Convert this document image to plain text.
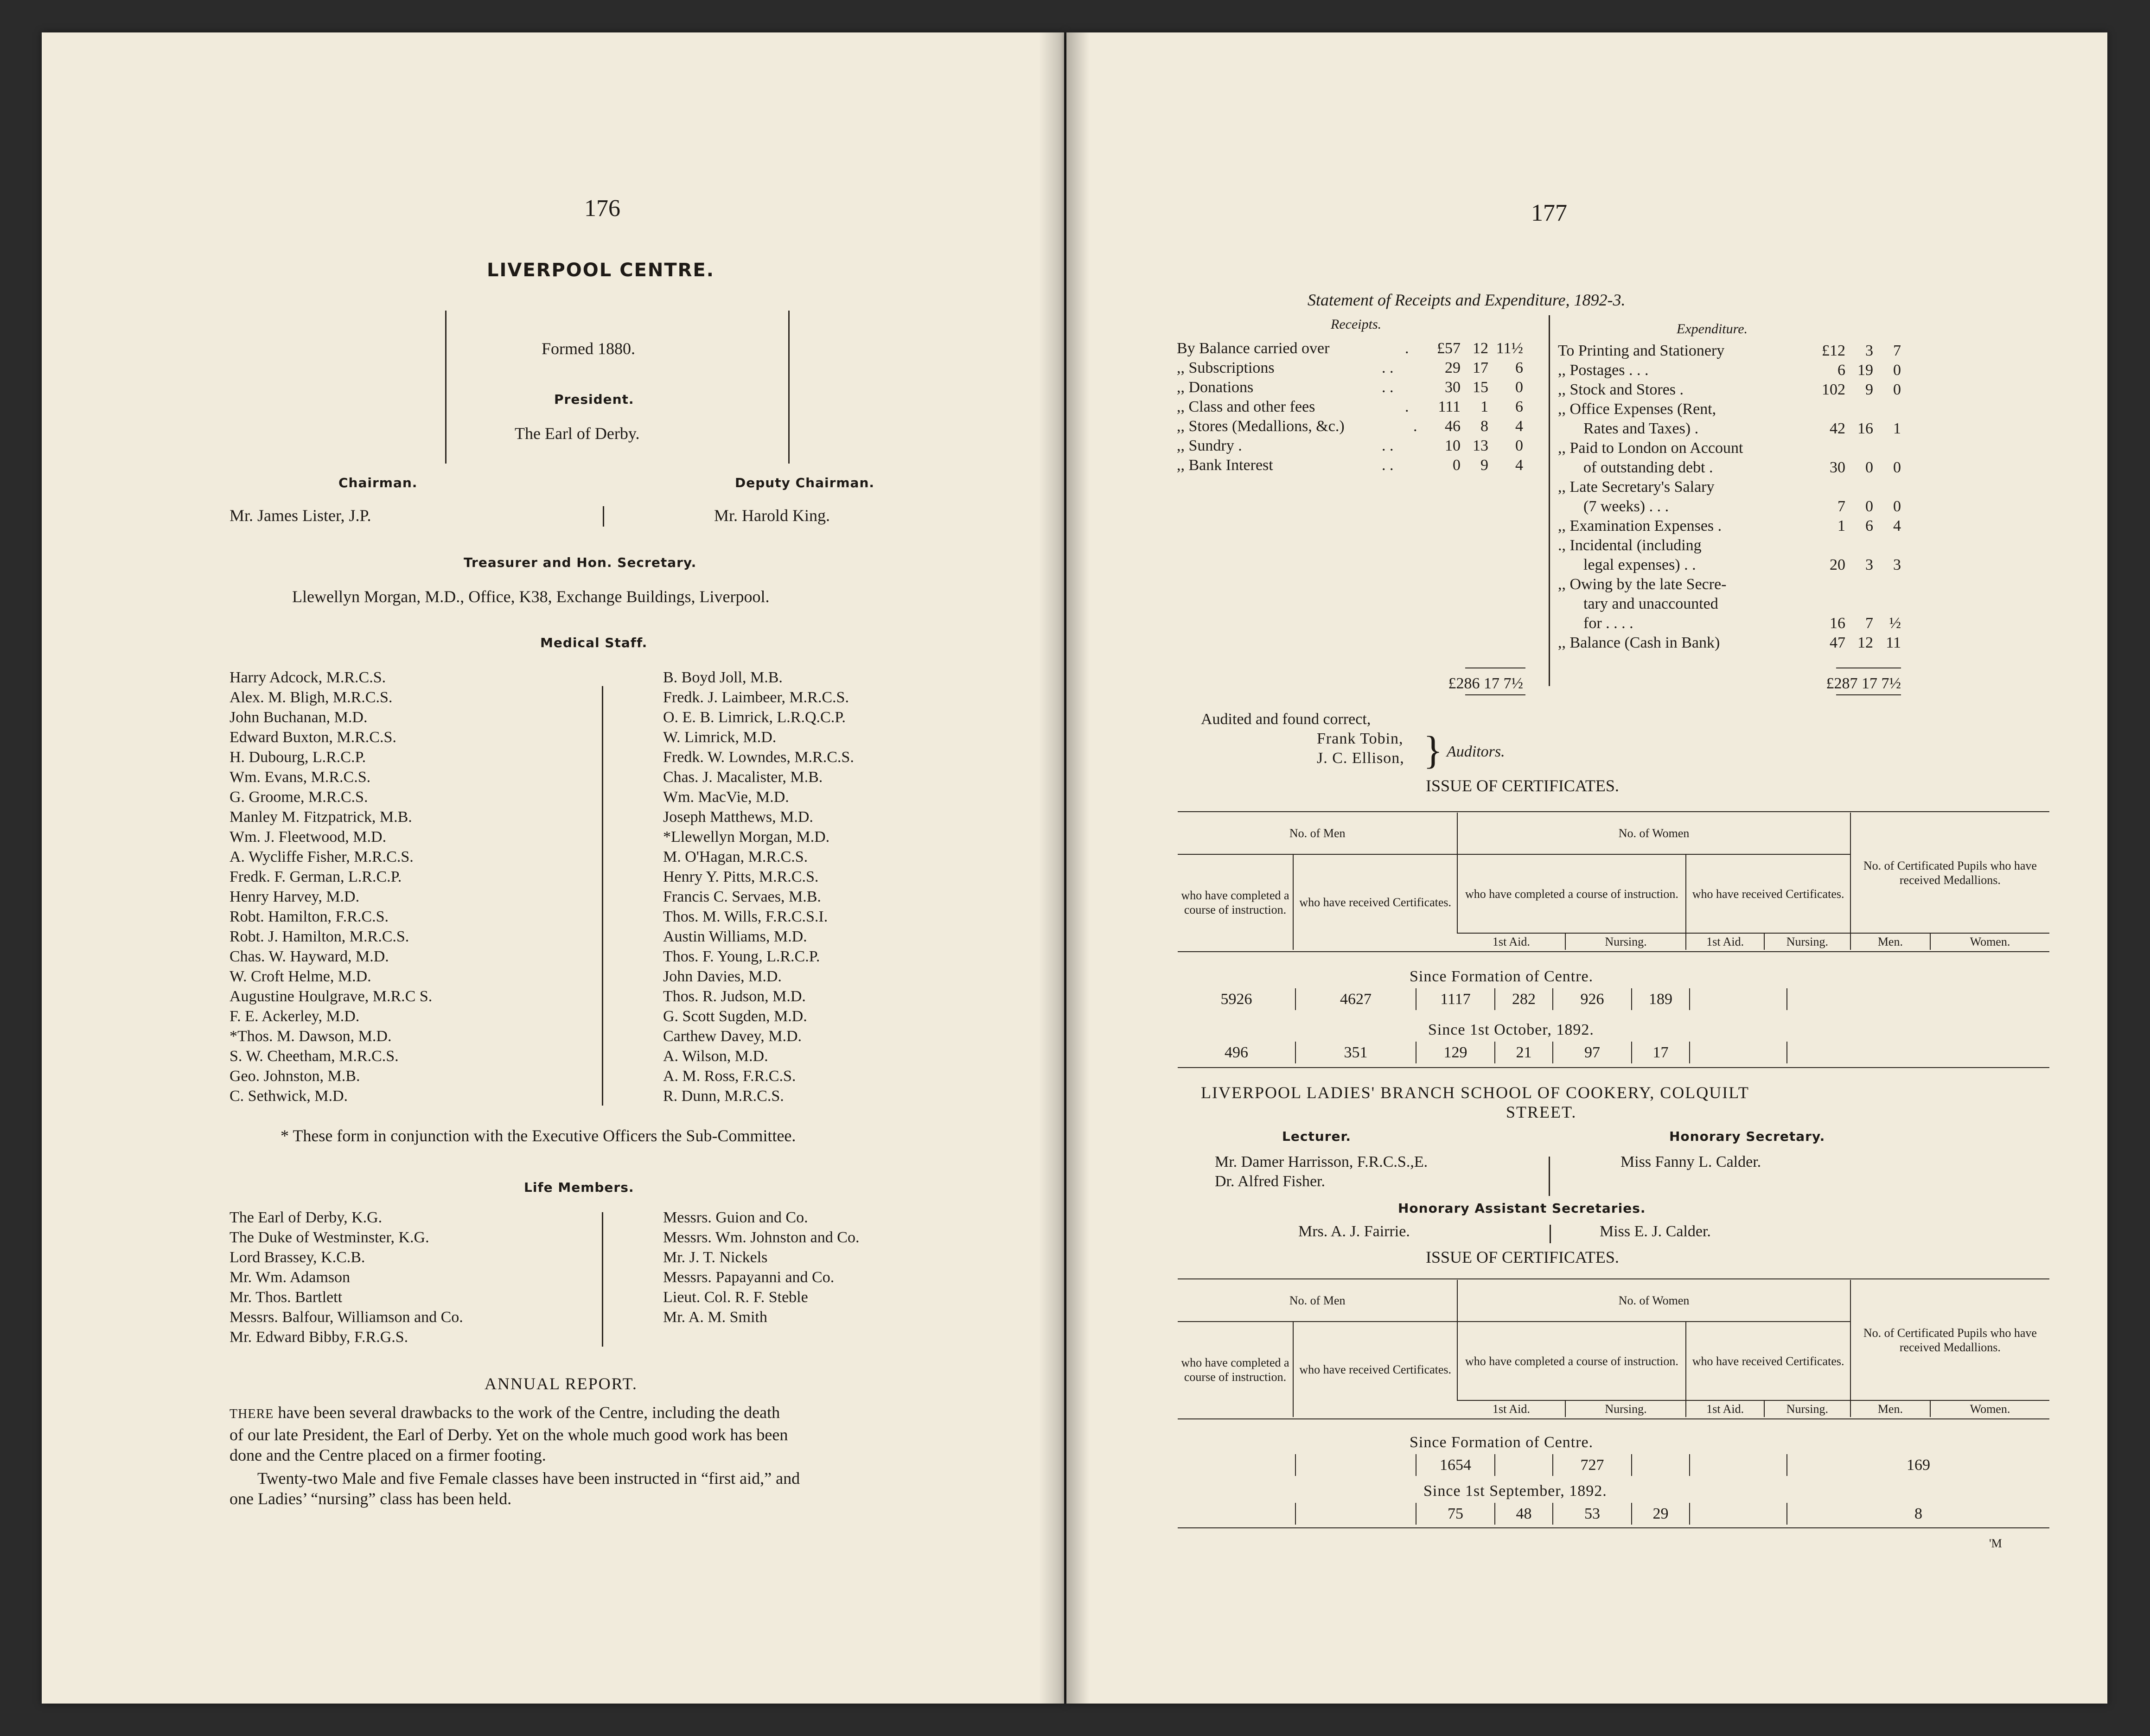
176
LIVERPOOL CENTRE.
Formed 1880.
President.
The Earl of Derby.
Chairman.	Deputy Chairman.
Mr. James Lister, J.P.	Mr. Harold King.
Treasurer and Hon. Secretary.
Llewellyn Morgan, M.D., Office, K38, Exchange Buildings, Liverpool.
Medical Staff.
Harry Adcock, M.R.C.S.
Alex. M. Bligh, M.R.C.S.
John Buchanan, M.D.
Edward Buxton, M.R.C.S.
H. Dubourg, L.R.C.P.
Wm. Evans, M.R.C.S.
G. Groome, M.R.C.S.
Manley M. Fitzpatrick, M.B.
Wm. J. Fleetwood, M.D.
A. Wycliffe Fisher, M.R.C.S.
Fredk. F. German, L.R.C.P.
Henry Harvey, M.D.
Robt. Hamilton, F.R.C.S.
Robt. J. Hamilton, M.R.C.S.
Chas. W. Hayward, M.D.
W. Croft Helme, M.D.
Augustine Houlgrave, M.R.C S.
F. E. Ackerley, M.D.
*Thos. M. Dawson, M.D.
S. W. Cheetham, M.R.C.S.
Geo. Johnston, M.B.
C. Sethwick, M.D.
B. Boyd Joll, M.B.
Fredk. J. Laimbeer, M.R.C.S.
O. E. B. Limrick, L.R.Q.C.P.
W. Limrick, M.D.
Fredk. W. Lowndes, M.R.C.S.
Chas. J. Macalister, M.B.
Wm. MacVie, M.D.
Joseph Matthews, M.D.
*Llewellyn Morgan, M.D.
M. O'Hagan, M.R.C.S.
Henry Y. Pitts, M.R.C.S.
Francis C. Servaes, M.B.
Thos. M. Wills, F.R.C.S.I.
Austin Williams, M.D.
Thos. F. Young, L.R.C.P.
John Davies, M.D.
Thos. R. Judson, M.D.
G. Scott Sugden, M.D.
Carthew Davey, M.D.
A. Wilson, M.D.
A. M. Ross, F.R.C.S.
R. Dunn, M.R.C.S.
* These form in conjunction with the Executive Officers the Sub-Committee.
Life Members.
The Earl of Derby, K.G.
The Duke of Westminster, K.G.
Lord Brassey, K.C.B.
Mr. Wm. Adamson
Mr. Thos. Bartlett
Messrs. Balfour, Williamson and Co.
Mr. Edward Bibby, F.R.G.S.
Messrs. Guion and Co.
Messrs. Wm. Johnston and Co.
Mr. J. T. Nickels
Messrs. Papayanni and Co.
Lieut. Col. R. F. Steble
Mr. A. M. Smith
ANNUAL REPORT.
THERE have been several drawbacks to the work of the Centre, including the death
of our late President, the Earl of Derby. Yet on the whole much good work has been
done and the Centre placed on a firmer footing.
Twenty-two Male and five Female classes have been instructed in “first aid,” and
one Ladies’ “nursing” class has been held.
177
Statement of Receipts and Expenditure, 1892-3.
Receipts.	Expenditure.
By Balance carried over	.	£57 12 11½
,, Subscriptions	. .	29 17	6
,, Donations	. .	30 15	0
,, Class and other fees	.	111	1	6
,, Stores (Medallions, &c.)	.	46	8	4
,, Sundry .	. .	10 13	0
,, Bank Interest	. .	0	9	4
£286 17 7½
To Printing and Stationery	£12	3	7
,, Postages . . .	6 19	0
,, Stock and Stores .	102	9	0
,, Office Expenses (Rent,
Rates and Taxes) .	42 16	1
,, Paid to London on Account
of outstanding debt .	30	0	0
,, Late Secretary's Salary
(7 weeks) . . .	7	0	0
,, Examination Expenses .	1	6	4
., Incidental (including
legal expenses) . .	20	3	3
,, Owing by the late Secre-
tary and unaccounted
for . . . .	16	7	½
,, Balance (Cash in Bank)	47 12 11
£287 17 7½
Audited and found correct,
Frank Tobin,
J. C. Ellison, } Auditors.
ISSUE OF CERTIFICATES.
No. of Men		No. of Women				No. of Certificated Pupils who have received Medallions.	
who have completed a course of instruction.	who have received Certificates.	who have completed a course of instruction.		who have received Certificates.			
		1st Aid.	Nursing.	1st Aid.	Nursing.	Men.	Women.
Since Formation of Centre.
5926	4627	1117	282	926	189		
Since 1st October, 1892.
496	351	129	21	97	17		
LIVERPOOL LADIES' BRANCH SCHOOL OF COOKERY, COLQUILT
STREET.
Lecturer.	Honorary Secretary.
Mr. Damer Harrisson, F.R.C.S.,E.
Dr. Alfred Fisher.
Miss Fanny L. Calder.
Honorary Assistant Secretaries.
Mrs. A. J. Fairrie.	Miss E. J. Calder.
ISSUE OF CERTIFICATES.
No. of Men		No. of Women				No. of Certificated Pupils who have received Medallions.	
who have completed a course of instruction.	who have received Certificates.	who have completed a course of instruction.		who have received Certificates.			
		1st Aid.	Nursing.	1st Aid.	Nursing.	Men.	Women.
Since Formation of Centre.
		1654		727			169
Since 1st September, 1892.
		75	48	53	29		8
'M
